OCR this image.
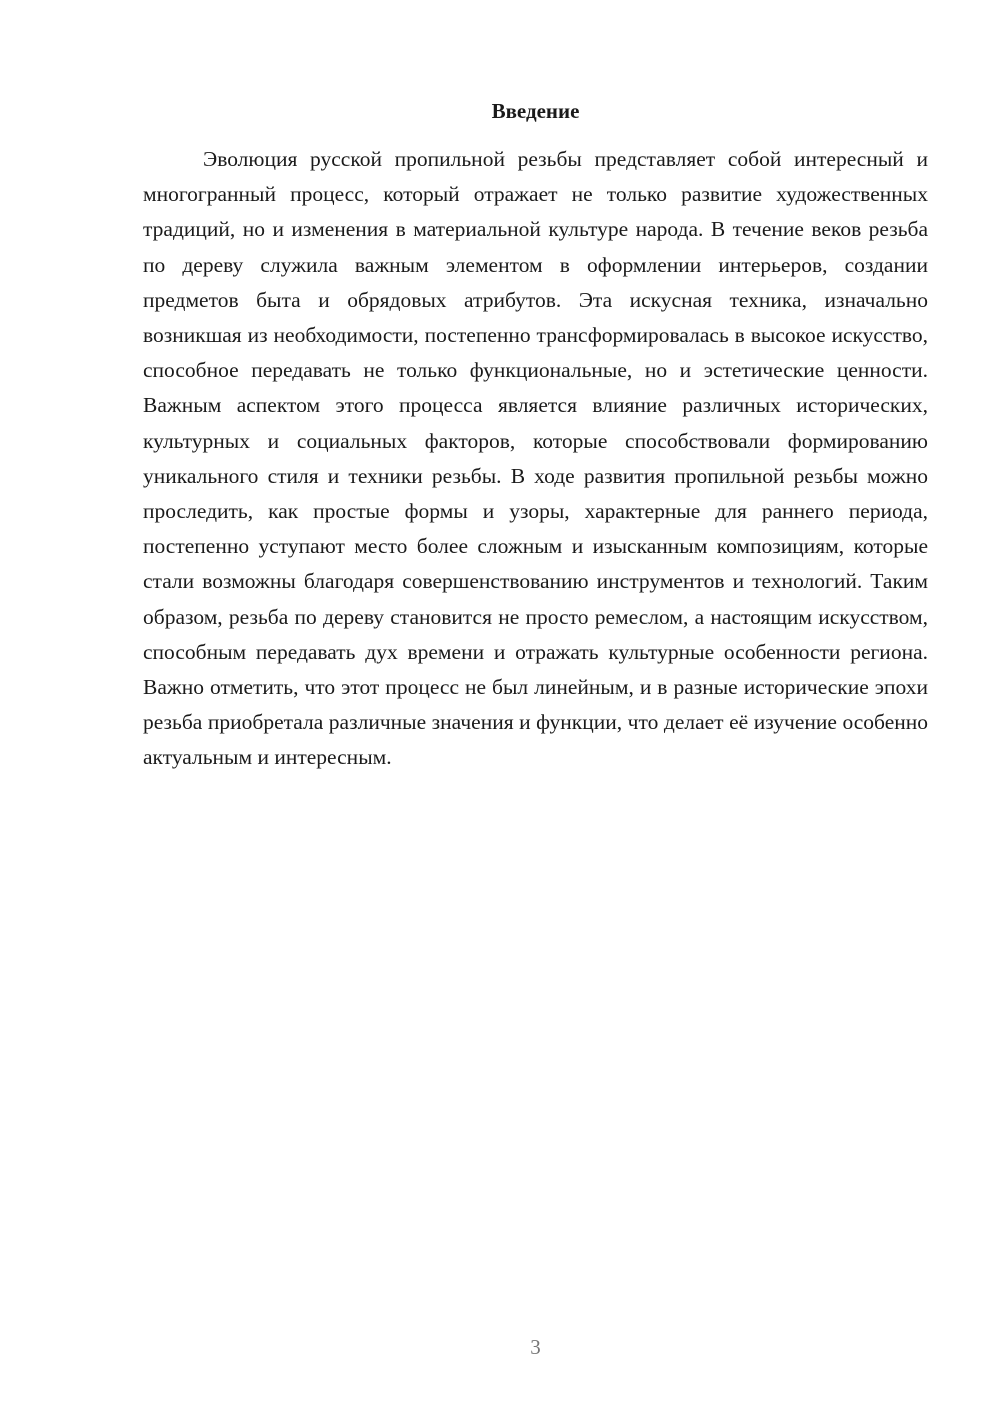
Введение

Эволюция русской пропильной резьбы представляет собой интересный и многогранный процесс, который отражает не только развитие художественных традиций, но и изменения в материальной культуре народа. В течение веков резьба по дереву служила важным элементом в оформлении интерьеров, создании предметов быта и обрядовых атрибутов. Эта искусная техника, изначально возникшая из необходимости, постепенно трансформировалась в высокое искусство, способное передавать не только функциональные, но и эстетические ценности. Важным аспектом этого процесса является влияние различных исторических, культурных и социальных факторов, которые способствовали формированию уникального стиля и техники резьбы. В ходе развития пропильной резьбы можно проследить, как простые формы и узоры, характерные для раннего периода, постепенно уступают место более сложным и изысканным композициям, которые стали возможны благодаря совершенствованию инструментов и технологий. Таким образом, резьба по дереву становится не просто ремеслом, а настоящим искусством, способным передавать дух времени и отражать культурные особенности региона. Важно отметить, что этот процесс не был линейным, и в разные исторические эпохи резьба приобретала различные значения и функции, что делает её изучение особенно актуальным и интересным.

3
